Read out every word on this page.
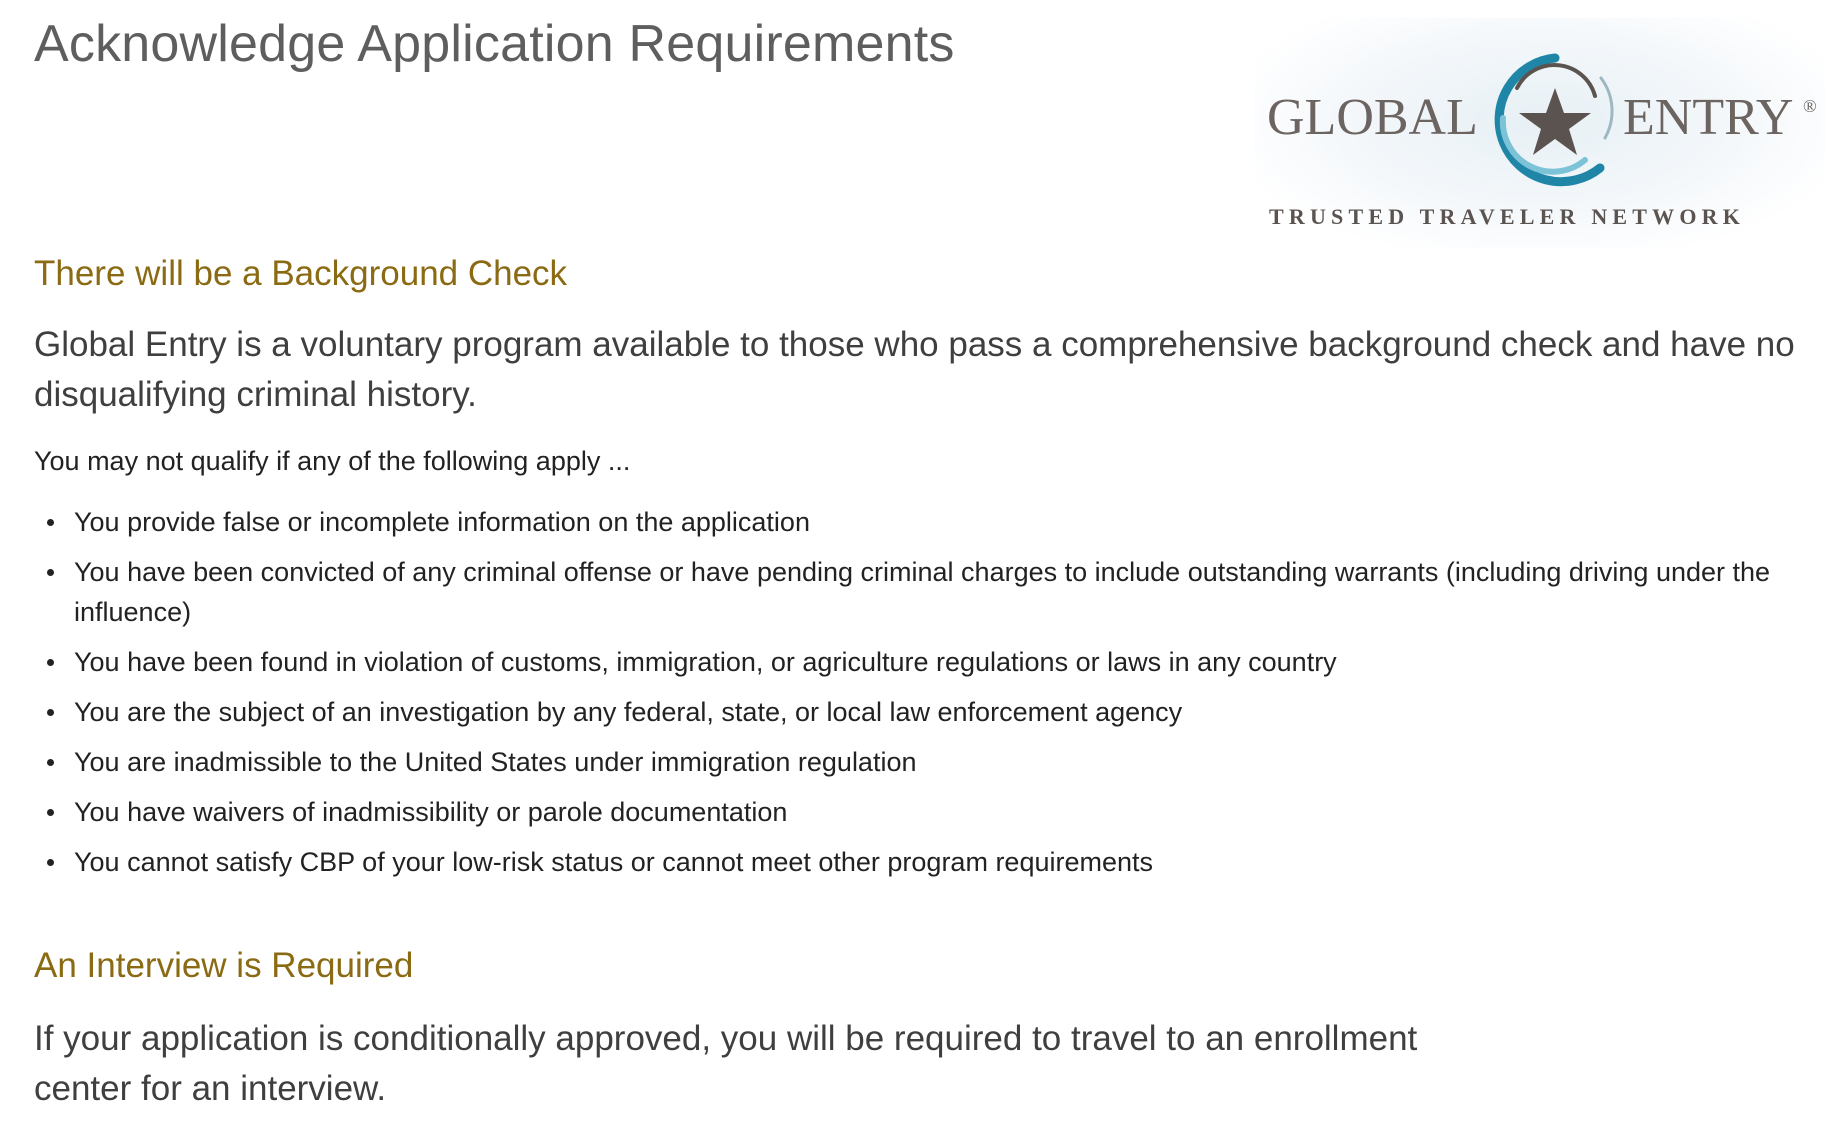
Acknowledge Application Requirements
GLOBAL	ENTRY ®
TRUSTED TRAVELER NETWORK
There will be a Background Check

Global Entry is a voluntary program available to those who pass a comprehensive background check and have no disqualifying criminal history.

You may not qualify if any of the following apply ...

You provide false or incomplete information on the application
You have been convicted of any criminal offense or have pending criminal charges to include outstanding warrants (including driving under the influence)
You have been found in violation of customs, immigration, or agriculture regulations or laws in any country
You are the subject of an investigation by any federal, state, or local law enforcement agency
You are inadmissible to the United States under immigration regulation
You have waivers of inadmissibility or parole documentation
You cannot satisfy CBP of your low-risk status or cannot meet other program requirements
An Interview is Required

If your application is conditionally approved, you will be required to travel to an enrollment center for an interview.
